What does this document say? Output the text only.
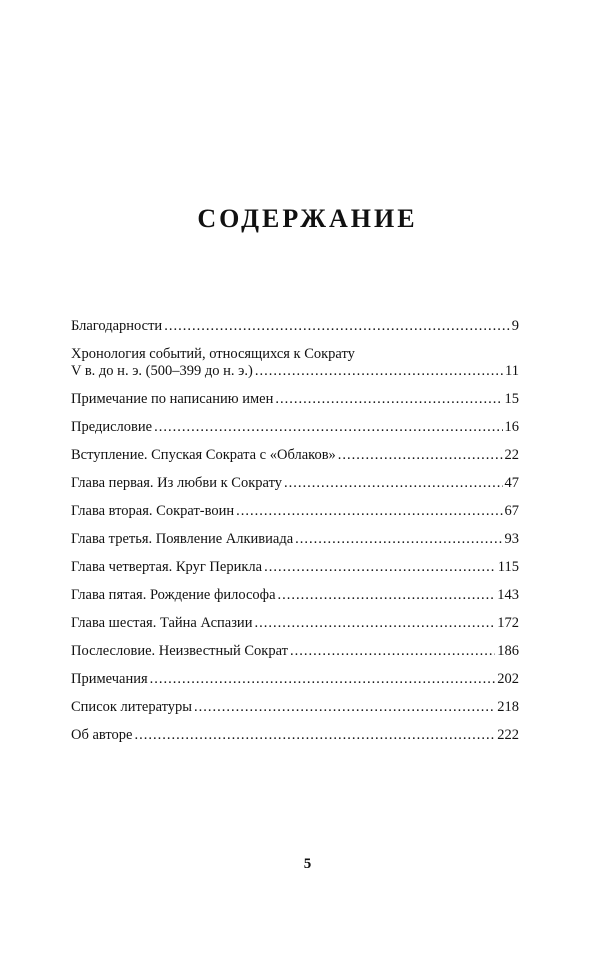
СОДЕРЖАНИЕ
Благодарности .....	9
Хронология событий, относящихся к Сократу
V в. до н. э. (500–399 до н. э.) .....	11
Примечание по написанию имен .....	15
Предисловие .....	16
Вступление. Спуская Сократа с «Облаков» .....	22
Глава первая. Из любви к Сократу .....	47
Глава вторая. Сократ-воин .....	67
Глава третья. Появление Алкивиада .....	93
Глава четвертая. Круг Перикла .....	115
Глава пятая. Рождение философа .....	143
Глава шестая. Тайна Аспазии .....	172
Послесловие. Неизвестный Сократ .....	186
Примечания .....	202
Список литературы .....	218
Об авторе .....	222
5
